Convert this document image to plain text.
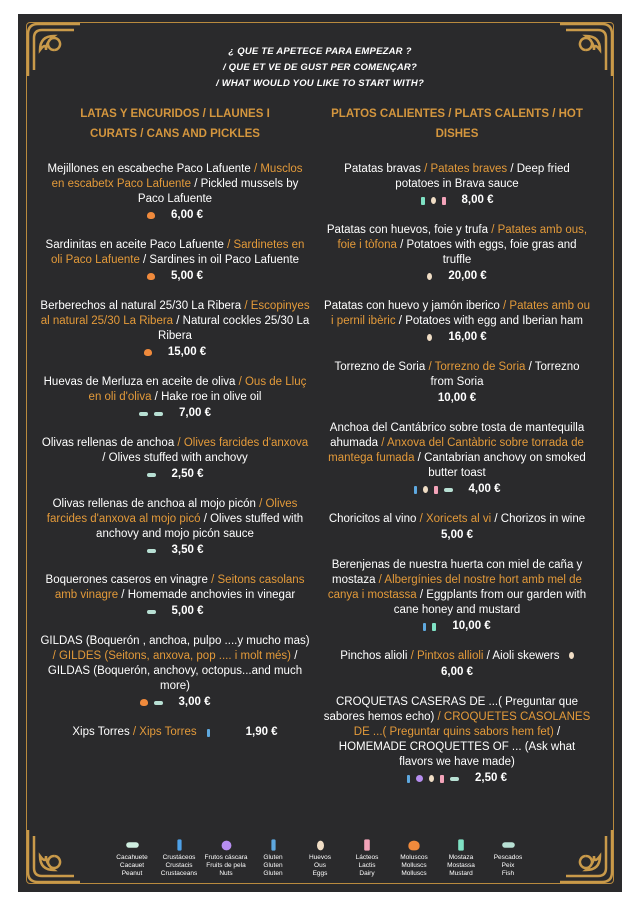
¿ QUE TE APETECE PARA EMPEZAR ?
/ QUE ET VE DE GUST PER COMENÇAR?
/ WHAT WOULD YOU LIKE TO START WITH?
LATAS Y ENCURIDOS / LLAUNES I
CURATS / CANS AND PICKLES
Mejillones en escabeche Paco Lafuente / Musclos en escabetx Paco Lafuente / Pickled mussels by Paco Lafuente
6,00 €
Sardinitas en aceite Paco Lafuente / Sardinetes en oli Paco Lafuente / Sardines in oil Paco Lafuente
5,00 €
Berberechos al natural 25/30 La Ribera / Escopinyes al natural 25/30 La Ribera / Natural cockles 25/30 La Ribera
15,00 €
Huevas de Merluza en aceite de oliva / Ous de Lluç en oli d'oliva / Hake roe in olive oil
7,00 €
Olivas rellenas de anchoa / Olives farcides d'anxova / Olives stuffed with anchovy
2,50 €
Olivas rellenas de anchoa al mojo picón / Olives farcides d'anxova al mojo picó / Olives stuffed with anchovy and mojo picón sauce
3,50 €
Boquerones caseros en vinagre / Seitons casolans amb vinagre / Homemade anchovies in vinegar
5,00 €
GILDAS (Boquerón , anchoa, pulpo ....y mucho mas) / GILDES (Seitons, anxova, pop .... i molt més) / GILDAS (Boquerón, anchovy, octopus...and much more)
3,00 €
Xips Torres / Xips Torres	1,90 €
PLATOS CALIENTES / PLATS CALENTS / HOT
DISHES
Patatas bravas / Patates braves / Deep fried potatoes in Brava sauce
8,00 €
Patatas con huevos, foie y trufa / Patates amb ous, foie i tòfona / Potatoes with eggs, foie gras and truffle
20,00 €
Patatas con huevo y jamón iberico / Patates amb ou i pernil ibèric / Potatoes with egg and Iberian ham
16,00 €
Torrezno de Soria / Torrezno de Soria / Torrezno from Soria
10,00 €
Anchoa del Cantábrico sobre tosta de mantequilla ahumada / Anxova del Cantàbric sobre torrada de mantega fumada / Cantabrian anchovy on smoked butter toast
4,00 €
Choricitos al vino / Xoricets al vi / Chorizos in wine
5,00 €
Berenjenas de nuestra huerta con miel de caña y mostaza / Albergínies del nostre hort amb mel de canya i mostassa / Eggplants from our garden with cane honey and mustard
10,00 €
Pinchos alioli / Pintxos allioli / Aioli skewers
6,00 €
CROQUETAS CASERAS DE ...( Preguntar que sabores hemos echo) / CROQUETES CASOLANES DE ...( Preguntar quins sabors hem fet) / HOMEMADE CROQUETTES OF ... (Ask what flavors we have made)
2,50 €
Cacahuete
Cacauet
Peanut
Crustáceos
Crustacis
Crustaceans
Frutos cáscara
Fruits de pela
Nuts
Gluten
Gluten
Gluten
Huevos
Ous
Eggs
Lácteos
Lactis
Dairy
Moluscos
Molluscs
Molluscs
Mostaza
Mostassa
Mustard
Pescados
Peix
Fish
